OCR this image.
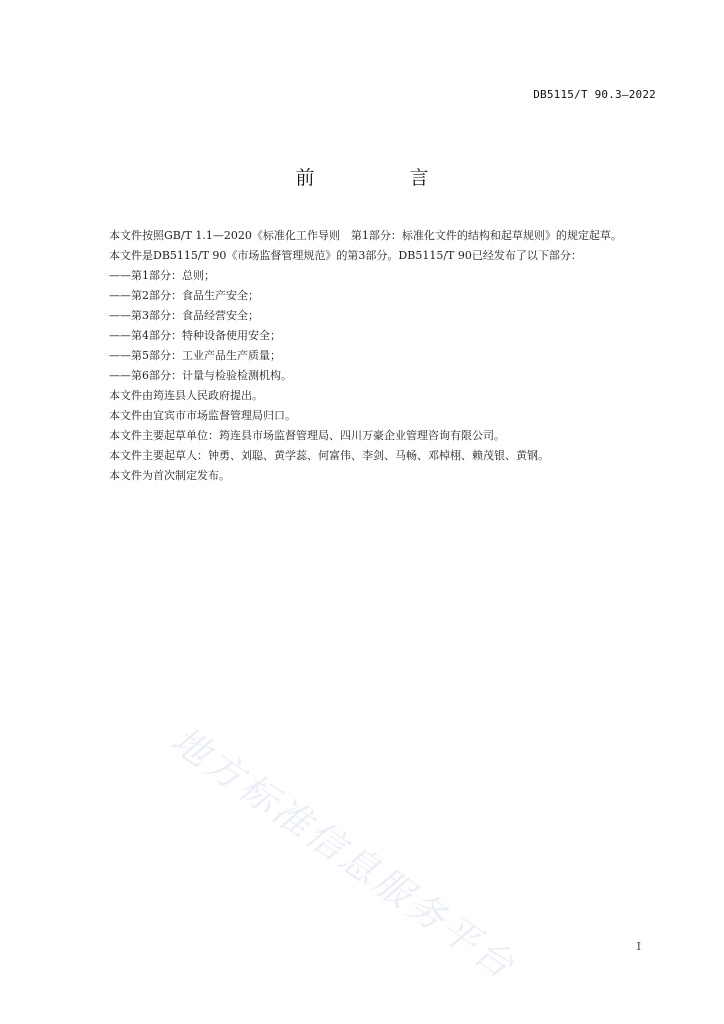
DB5115/T 90.3—2022
前　言

本文件按照GB/T 1.1—2020《标准化工作导则　第1部分：标准化文件的结构和起草规则》的规定起草。

本文件是DB5115/T 90《市场监督管理规范》的第3部分。DB5115/T 90已经发布了以下部分：

——第1部分：总则；

——第2部分：食品生产安全；

——第3部分：食品经营安全；

——第4部分：特种设备使用安全；

——第5部分：工业产品生产质量；

——第6部分：计量与检验检测机构。

本文件由筠连县人民政府提出。

本文件由宜宾市市场监督管理局归口。

本文件主要起草单位：筠连县市场监督管理局、四川万豪企业管理咨询有限公司。

本文件主要起草人：钟勇、刘聪、黄学蕊、何富伟、李剑、马畅、邓棹栩、赖茂银、黄钢。

本文件为首次制定发布。

地方标准信息服务平台	I
